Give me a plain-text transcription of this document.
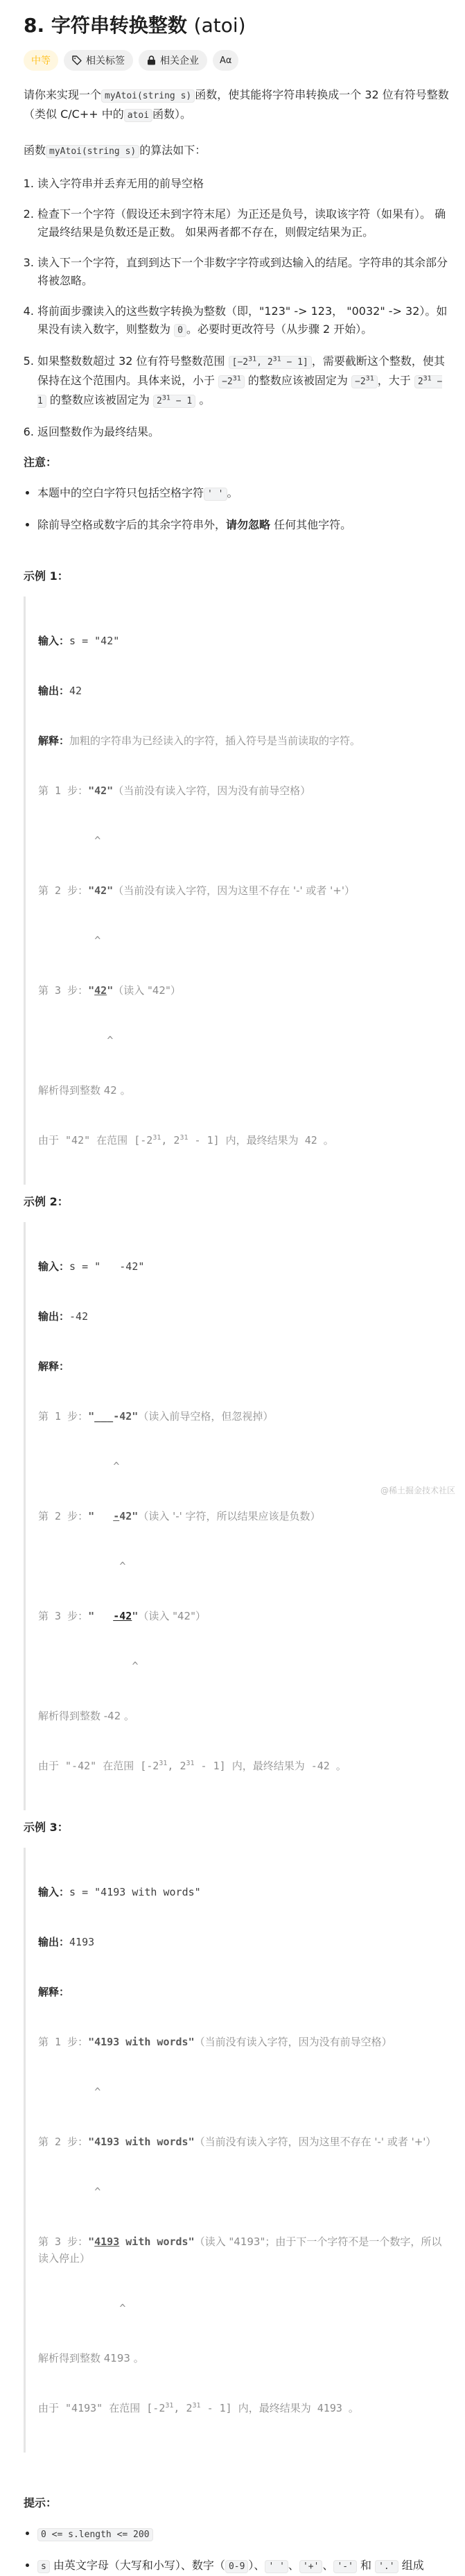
8. 字符串转换整数 (atoi)
中等	相关标签	相关企业 Aα

请你来实现一个 myAtoi(string s) 函数，使其能将字符串转换成一个 32 位有符号整数（类似 C/C++ 中的 atoi 函数）。

函数 myAtoi(string s) 的算法如下：

1. 读入字符串并丢弃无用的前导空格
2. 检查下一个字符（假设还未到字符末尾）为正还是负号，读取该字符（如果有）。 确定最终结果是负数还是正数。 如果两者都不存在，则假定结果为正。
3. 读入下一个字符，直到到达下一个非数字字符或到达输入的结尾。字符串的其余部分将被忽略。
4. 将前面步骤读入的这些数字转换为整数（即，"123" -> 123， "0032" -> 32）。如果没有读入数字，则整数为 0 。必要时更改符号（从步骤 2 开始）。
5. 如果整数数超过 32 位有符号整数范围 [$-2^{31}$, $2^{31} - 1$] ，需要截断这个整数，使其保持在这个范围内。具体来说，小于 $-2^{31}$ 的整数应该被固定为 $-2^{31}$ ，大于 $2^{31} - 1$ 的整数应该被固定为 $2^{31} - 1$ 。
6. 返回整数作为最终结果。
注意：
• 本题中的空白字符只包括空格字符 ' ' 。
• 除前导空格或数字后的其余字符串外，请勿忽略 任何其他字符。
示例 1：

输入：s = "42"

输出：42

解释：加粗的字符串为已经读入的字符，插入符号是当前读取的字符。

第 1 步："42"（当前没有读入字符，因为没有前导空格）

^

第 2 步："42"（当前没有读入字符，因为这里不存在 '-' 或者 '+'）

^

第 3 步："42"（读入 "42"）

^

解析得到整数 42 。

由于 "42" 在范围 [$-2^{31}$, $2^{31} - 1$] 内，最终结果为 42 。

示例 2：

输入：s = "   -42"

输出：-42

解释：

第 1 步："___-42"（读入前导空格，但忽视掉）

^

第 2 步："   -42"（读入 '-' 字符，所以结果应该是负数）

^

第 3 步："   -42"（读入 "42"）

^

解析得到整数 -42 。

由于 "-42" 在范围 [$-2^{31}$, $2^{31} - 1$] 内，最终结果为 -42 。

示例 3：

输入：s = "4193 with words"

输出：4193

解释：

第 1 步："4193 with words"（当前没有读入字符，因为没有前导空格）

^

第 2 步："4193 with words"（当前没有读入字符，因为这里不存在 '-' 或者 '+'）

^

第 3 步："4193 with words"（读入 "4193"；由于下一个字符不是一个数字，所以读入停止）

^

解析得到整数 4193 。

由于 "4193" 在范围 [$-2^{31}$, $2^{31} - 1$] 内，最终结果为 4193 。

提示：
• 0 <= s.length <= 200
• s 由英文字母（大写和小写）、数字（ 0-9 ）、 ' ' 、 '+' 、 '-' 和 '.' 组成
@稀土掘金技术社区
